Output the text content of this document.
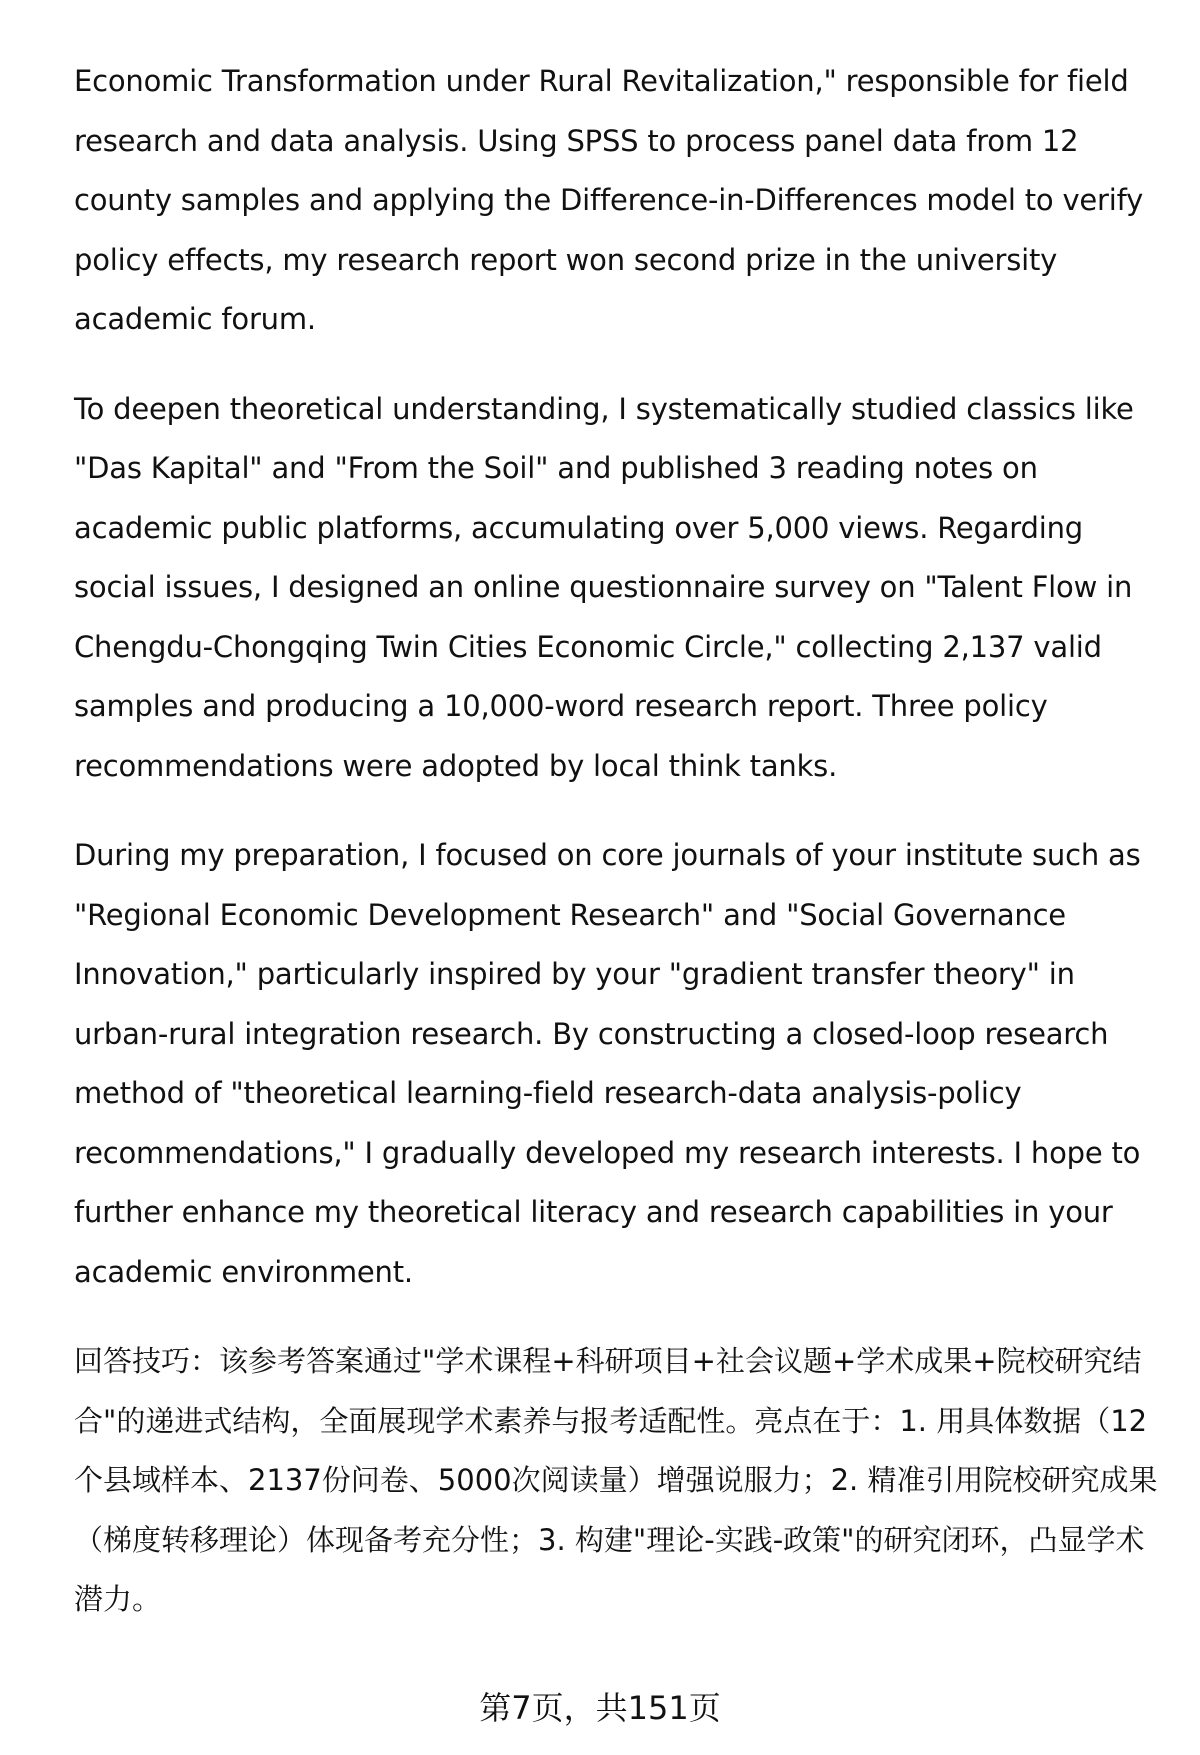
Economic Transformation under Rural Revitalization," responsible for field research and data analysis. Using SPSS to process panel data from 12 county samples and applying the Difference-in-Differences model to verify policy effects, my research report won second prize in the university academic forum.

To deepen theoretical understanding, I systematically studied classics like "Das Kapital" and "From the Soil" and published 3 reading notes on academic public platforms, accumulating over 5,000 views. Regarding social issues, I designed an online questionnaire survey on "Talent Flow in Chengdu-Chongqing Twin Cities Economic Circle," collecting 2,137 valid samples and producing a 10,000-word research report. Three policy recommendations were adopted by local think tanks.

During my preparation, I focused on core journals of your institute such as "Regional Economic Development Research" and "Social Governance Innovation," particularly inspired by your "gradient transfer theory" in urban-rural integration research. By constructing a closed-loop research method of "theoretical learning-field research-data analysis-policy recommendations," I gradually developed my research interests. I hope to further enhance my theoretical literacy and research capabilities in your academic environment.

回答技巧：该参考答案通过"学术课程+科研项目+社会议题+学术成果+院校研究结合"的递进式结构，全面展现学术素养与报考适配性。亮点在于：1. 用具体数据（12个县域样本、2137份问卷、5000次阅读量）增强说服力；2. 精准引用院校研究成果（梯度转移理论）体现备考充分性；3. 构建"理论-实践-政策"的研究闭环，凸显学术潜力。

第7页，共151页
